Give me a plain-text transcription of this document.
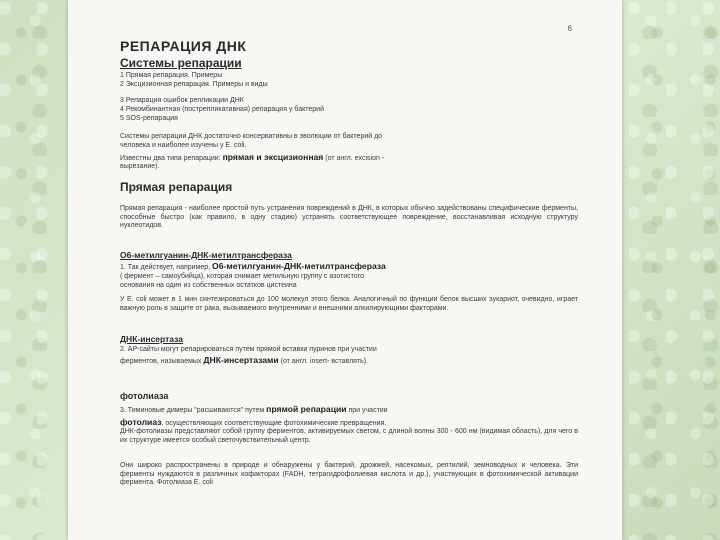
6
РЕПАРАЦИЯ ДНК
Системы репарации
1 Прямая репарация. Примеры
2 Эксцизионная репарация. Примеры и виды
3 Репарация ошибок репликации ДНК
4 Рекомбинантная (пострепликативная) репарация у бактерий
5 SOS-репарация
Системы репарации ДНК достаточно консервативны в эволюции от бактерий до
человека и наиболее изучены у E. coli.
Известны два типа репарации: прямая и эксцизионная (от англ. excision -
вырезание).
Прямая репарация
Прямая репарация - наиболее простой путь устранения повреждений в ДНК, в которых обычно задействованы специфические ферменты, способные быстро (как правило, в одну стадию) устранять соответствующее повреждение, восстанавливая исходную структуру нуклеотидов.
O6-метилгуанин-ДНК-метилтрансфераза
1. Так действует, например, O6-метилгуанин-ДНК-метилтрансфераза
( фермент – самоубийца), которая снимает метильную группу с азотистого
основания на один из собственных остатков цистеина
У E. coli может в 1 мин синтезироваться до 100 молекул этого белка. Аналогичный по функции белок высших эукариот, очевидно, играет важную роль в защите от рака, вызываемого внутренними и внешними алкилирующими факторами.
ДНК-инсертаза
2. АР-сайты могут репарироваться путем прямой вставки пуринов при участии
ферментов, называемых ДНК-инсертазами (от англ. insert- вставлять).
фотолиаза
3. Тиминовые димеры "расшиваются" путем прямой репарации при участии
фотолиаз, осуществляющих соответствующие фотохимические превращения.
ДНК-фотолиазы представляют собой группу ферментов, активируемых светом, с длиной волны 300 - 600 нм (видимая область), для чего в их структуре имеется особый светочувствительный центр.
Они широко распространены в природе и обнаружены у бактерий, дрожжей, насекомых, рептилий, земноводных и человека. Эти ферменты нуждаются в различных кофакторах (FADH, тетрагидрофолиевая кислота и др.), участвующих в фотохимической активации фермента. Фотолиаза E. coli
